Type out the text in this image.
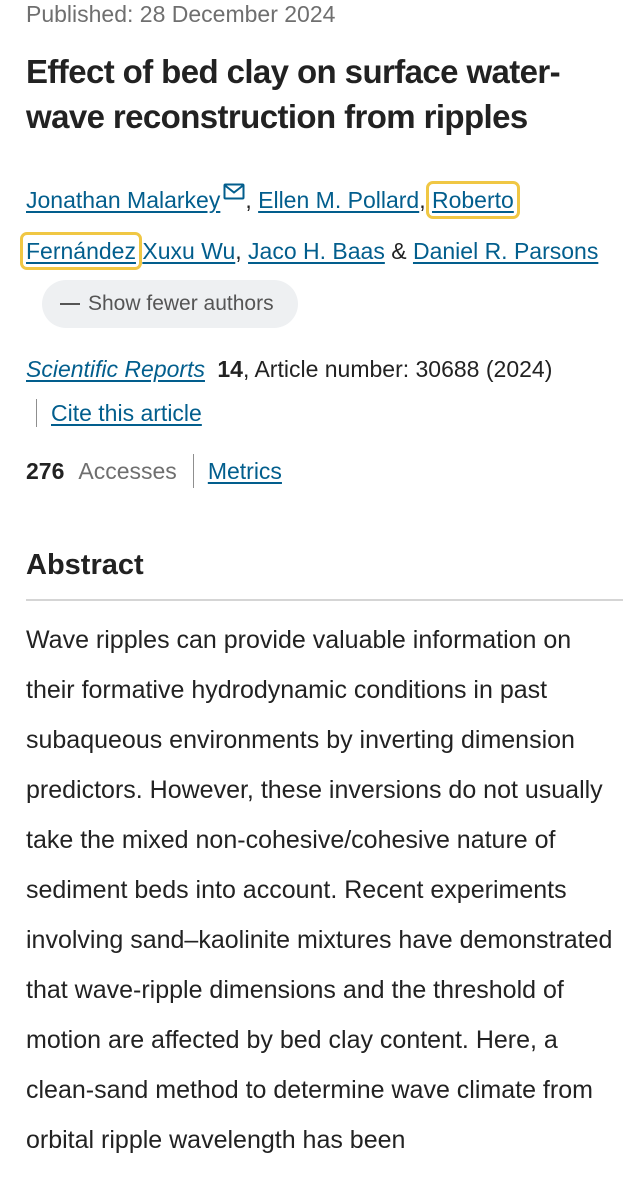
Published: 28 December 2024
Effect of bed clay on surface water-wave reconstruction from ripples
Jonathan Malarkey , Ellen M. Pollard, Roberto Fernández Xuxu Wu, Jaco H. Baas & Daniel R. ParsonsShow fewer authors
Scientific Reports 14, Article number: 30688 (2024)
Cite this article
276 Accesses Metrics
Abstract

Wave ripples can provide valuable information on their formative hydrodynamic conditions in past subaqueous environments by inverting dimension predictors. However, these inversions do not usually take the mixed non-cohesive/cohesive nature of sediment beds into account. Recent experiments involving sand–kaolinite mixtures have demonstrated that wave-ripple dimensions and the threshold of motion are affected by bed clay content. Here, a clean-sand method to determine wave climate from orbital ripple wavelength has been
